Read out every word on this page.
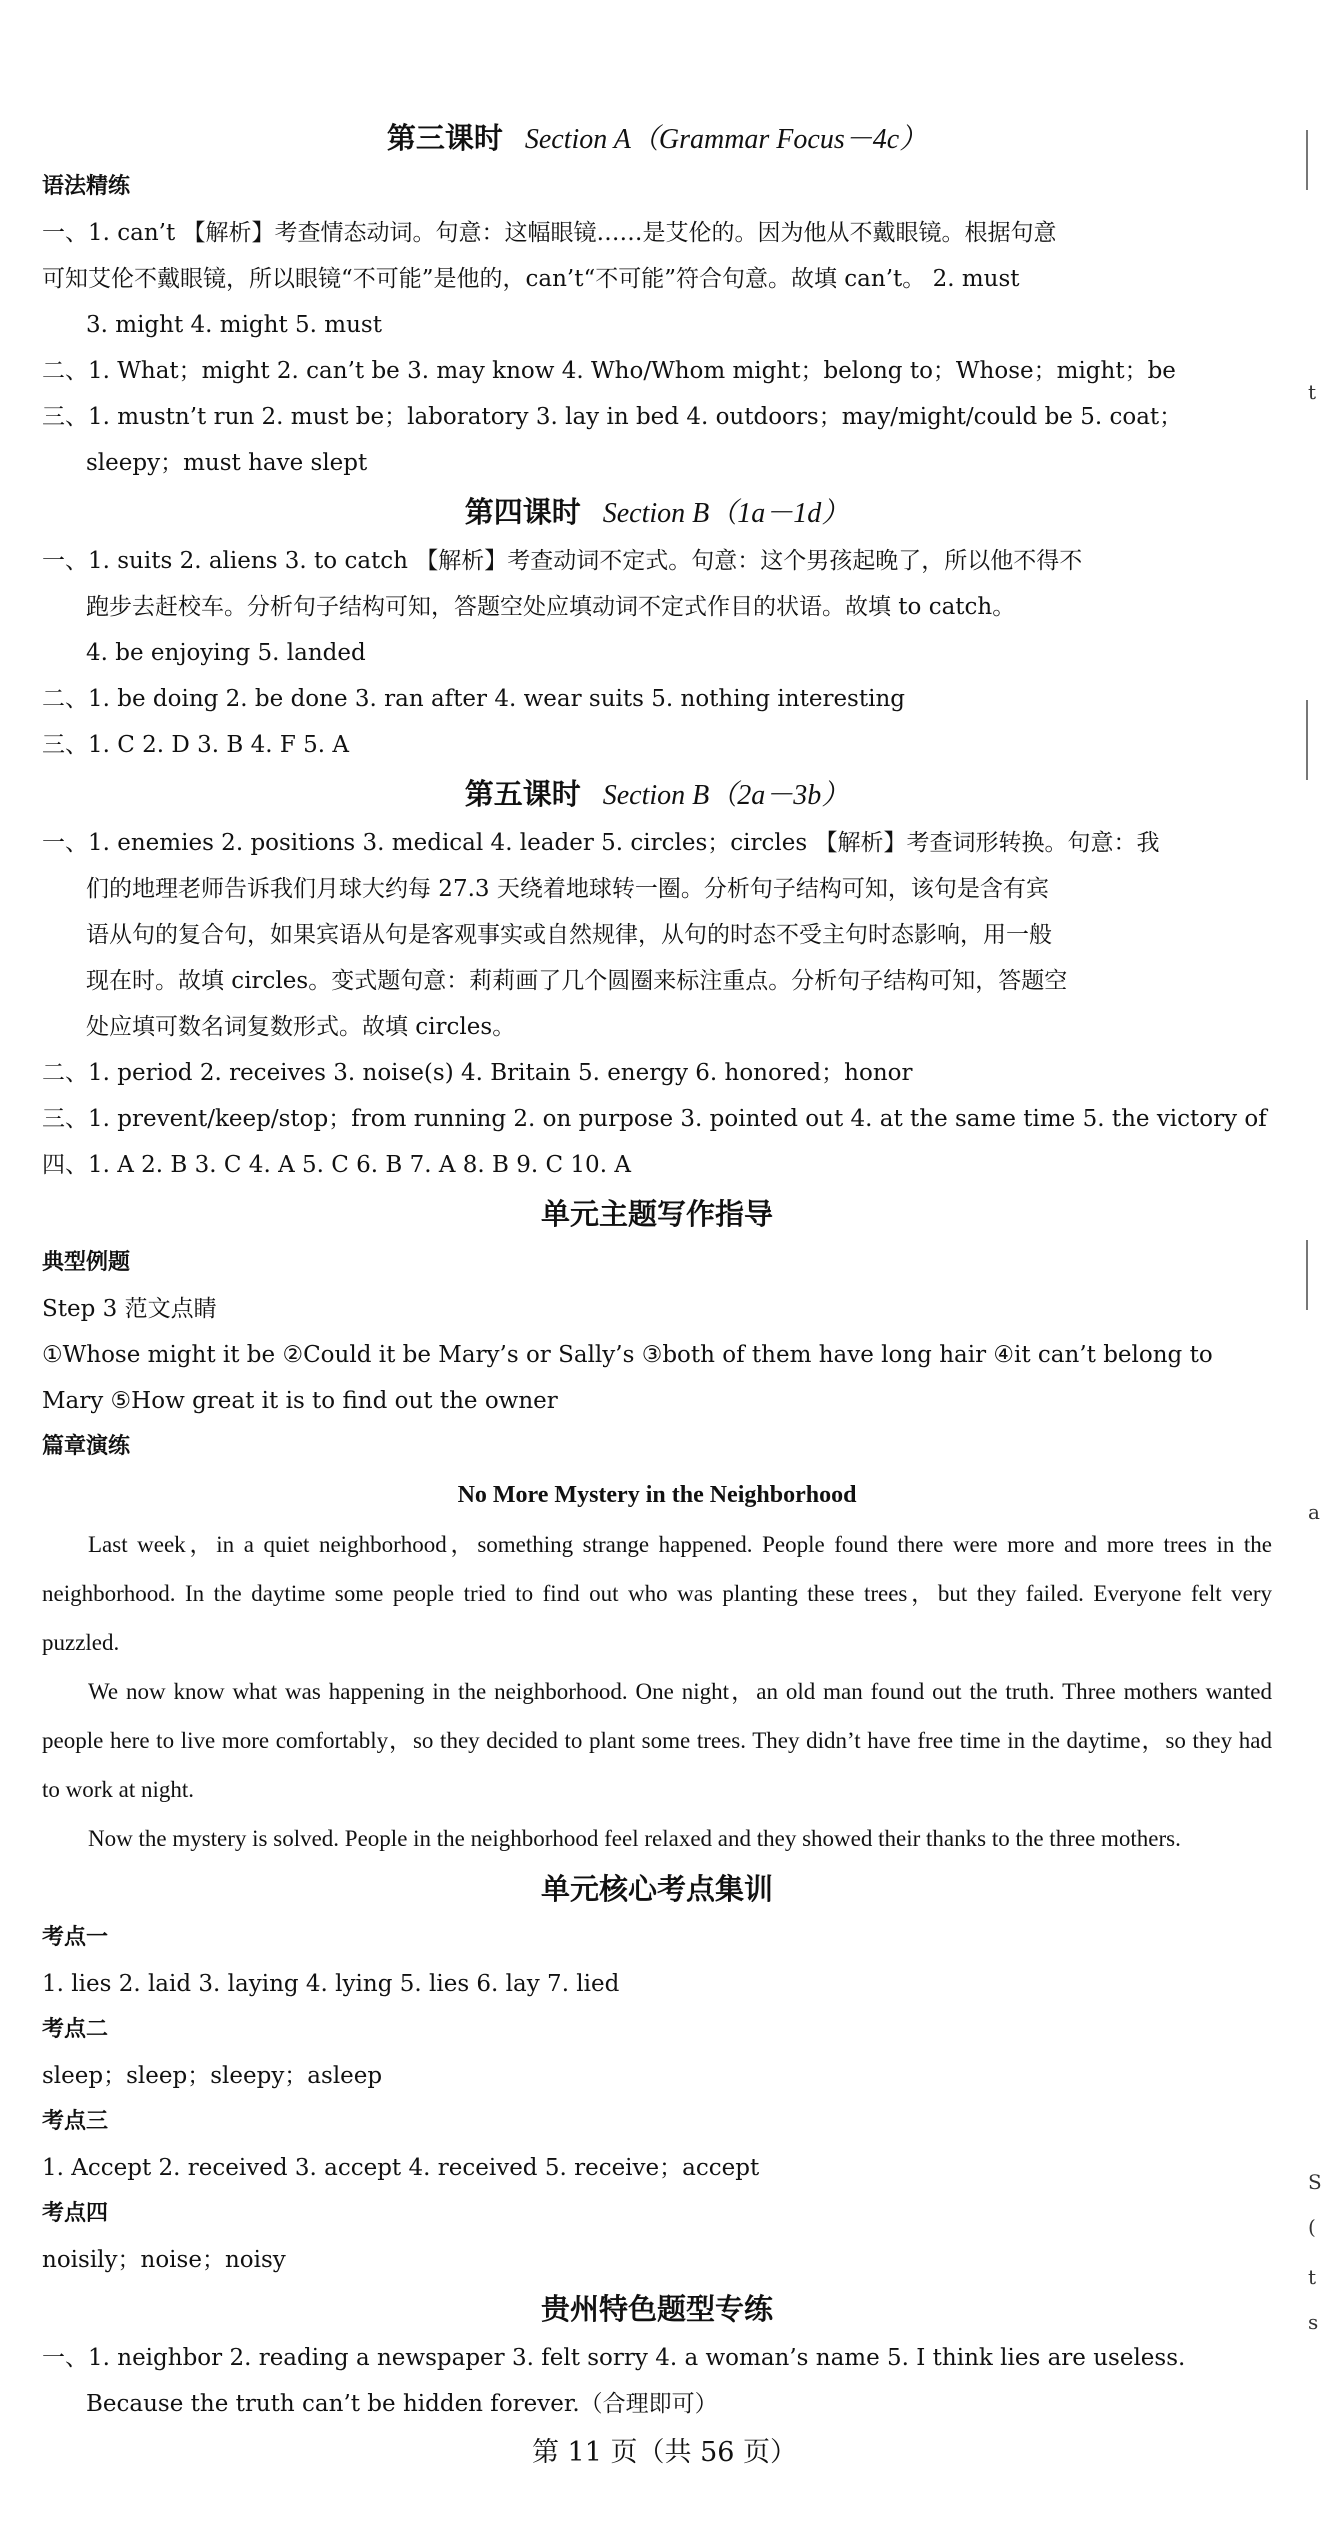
第三课时 Section A（Grammar Focus－4c）

语法精练

一、1. can’t 【解析】考查情态动词。句意：这幅眼镜……是艾伦的。因为他从不戴眼镜。根据句意

可知艾伦不戴眼镜，所以眼镜“不可能”是他的，can’t“不可能”符合句意。故填 can’t。 2. must

3. might 4. might 5. must

二、1. What；might 2. can’t be 3. may know 4. Who/Whom might；belong to；Whose；might；be

三、1. mustn’t run 2. must be；laboratory 3. lay in bed 4. outdoors；may/might/could be 5. coat；

sleepy；must have slept

第四课时 Section B（1a－1d）

一、1. suits 2. aliens 3. to catch 【解析】考查动词不定式。句意：这个男孩起晚了，所以他不得不

跑步去赶校车。分析句子结构可知，答题空处应填动词不定式作目的状语。故填 to catch。

4. be enjoying 5. landed

二、1. be doing 2. be done 3. ran after 4. wear suits 5. nothing interesting

三、1. C 2. D 3. B 4. F 5. A

第五课时 Section B（2a－3b）

一、1. enemies 2. positions 3. medical 4. leader 5. circles；circles 【解析】考查词形转换。句意：我

们的地理老师告诉我们月球大约每 27.3 天绕着地球转一圈。分析句子结构可知，该句是含有宾

语从句的复合句，如果宾语从句是客观事实或自然规律，从句的时态不受主句时态影响，用一般

现在时。故填 circles。变式题句意：莉莉画了几个圆圈来标注重点。分析句子结构可知，答题空

处应填可数名词复数形式。故填 circles。

二、1. period 2. receives 3. noise(s) 4. Britain 5. energy 6. honored；honor

三、1. prevent/keep/stop；from running 2. on purpose 3. pointed out 4. at the same time 5. the victory of

四、1. A 2. B 3. C 4. A 5. C 6. B 7. A 8. B 9. C 10. A

单元主题写作指导

典型例题

Step 3 范文点睛

①Whose might it be ②Could it be Mary’s or Sally’s ③both of them have long hair ④it can’t belong to

Mary ⑤How great it is to find out the owner

篇章演练

No More Mystery in the Neighborhood

Last week，in a quiet neighborhood，something strange happened. People found there were more and more trees in the neighborhood. In the daytime some people tried to find out who was planting these trees，but they failed. Everyone felt very puzzled.

We now know what was happening in the neighborhood. One night，an old man found out the truth. Three mothers wanted people here to live more comfortably，so they decided to plant some trees. They didn’t have free time in the daytime，so they had to work at night.

Now the mystery is solved. People in the neighborhood feel relaxed and they showed their thanks to the three mothers.

单元核心考点集训

考点一

1. lies 2. laid 3. laying 4. lying 5. lies 6. lay 7. lied

考点二

sleep；sleep；sleepy；asleep

考点三

1. Accept 2. received 3. accept 4. received 5. receive；accept

考点四

noisily；noise；noisy

贵州特色题型专练

一、1. neighbor 2. reading a newspaper 3. felt sorry 4. a woman’s name 5. I think lies are useless.

Because the truth can’t be hidden forever.（合理即可）

t
a
S
(
t
s
第 11 页（共 56 页）
